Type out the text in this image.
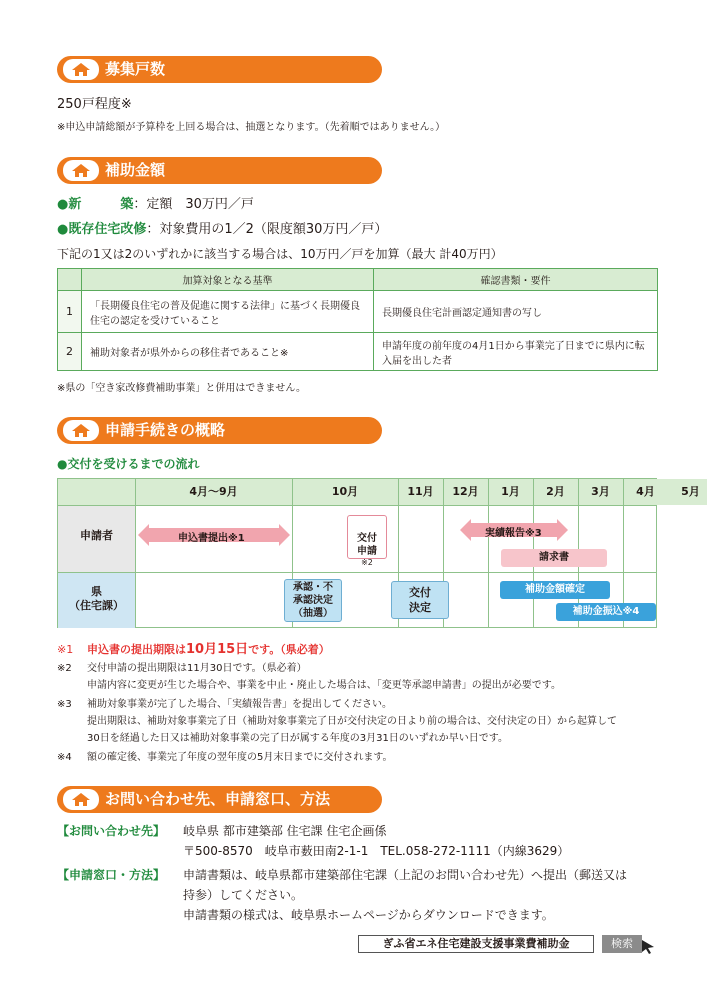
募集戸数
250戸程度※
※申込申請総額が予算枠を上回る場合は、抽選となります。（先着順ではありません。）
補助金額
●新　　　築：定額　30万円／戸
●既存住宅改修：対象費用の1／2（限度額30万円／戸）
下記の1又は2のいずれかに該当する場合は、10万円／戸を加算（最大 計40万円）
	加算対象となる基準	確認書類・要件
1	「長期優良住宅の普及促進に関する法律」に基づく長期優良住宅の認定を受けていること	長期優良住宅計画認定通知書の写し
2	補助対象者が県外からの移住者であること※	申請年度の前年度の4月1日から事業完了日までに県内に転入届を出した者
※県の「空き家改修費補助事業」と併用はできません。
申請手続きの概略
●交付を受けるまでの流れ
4月〜9月	10月	11月	12月	1月	2月	3月	4月	5月
申請者
県
（住宅課）
申込書提出※1	交付
申請

※2

実績報告※3
請求書
承認・不
承認決定
（抽選）
交付
決定
補助金額確定
補助金振込※4
※1 申込書の提出期限は10月15日です。（県必着）
※2 交付申請の提出期限は11月30日です。（県必着）
申請内容に変更が生じた場合や、事業を中止・廃止した場合は、「変更等承認申請書」の提出が必要です。
※3 補助対象事業が完了した場合、「実績報告書」を提出してください。
提出期限は、補助対象事業完了日（補助対象事業完了日が交付決定の日より前の場合は、交付決定の日）から起算して
30日を経過した日又は補助対象事業の完了日が属する年度の3月31日のいずれか早い日です。
※4 額の確定後、事業完了年度の翌年度の5月末日までに交付されます。
お問い合わせ先、申請窓口、方法
【お問い合わせ先】 岐阜県 都市建築部 住宅課 住宅企画係
〒500-8570　岐阜市薮田南2-1-1　TEL.058-272-1111（内線3629）
【申請窓口・方法】 申請書類は、岐阜県都市建築部住宅課（上記のお問い合わせ先）へ提出（郵送又は
持参）してください。
申請書類の様式は、岐阜県ホームページからダウンロードできます。
ぎふ省エネ住宅建設支援事業費補助金	検索
